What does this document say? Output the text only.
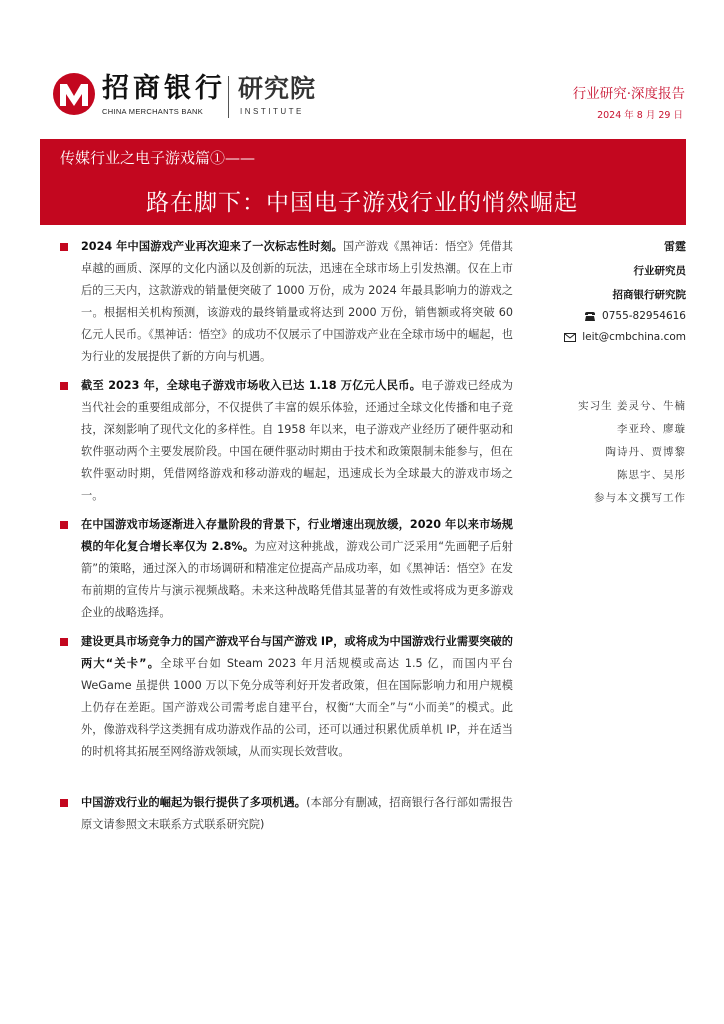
招商银行
CHINA MERCHANTS BANK
研究院
INSTITUTE
行业研究·深度报告
2024 年 8 月 29 日
传媒行业之电子游戏篇①——
路在脚下：中国电子游戏行业的悄然崛起
2024 年中国游戏产业再次迎来了一次标志性时刻。国产游戏《黑神话：悟空》凭借其卓越的画质、深厚的文化内涵以及创新的玩法，迅速在全球市场上引发热潮。仅在上市后的三天内，这款游戏的销量便突破了 1000 万份，成为 2024 年最具影响力的游戏之一。根据相关机构预测，该游戏的最终销量或将达到 2000 万份，销售额或将突破 60 亿元人民币。《黑神话：悟空》的成功不仅展示了中国游戏产业在全球市场中的崛起，也为行业的发展提供了新的方向与机遇。
截至 2023 年，全球电子游戏市场收入已达 1.18 万亿元人民币。电子游戏已经成为当代社会的重要组成部分，不仅提供了丰富的娱乐体验，还通过全球文化传播和电子竞技，深刻影响了现代文化的多样性。自 1958 年以来，电子游戏产业经历了硬件驱动和软件驱动两个主要发展阶段。中国在硬件驱动时期由于技术和政策限制未能参与，但在软件驱动时期，凭借网络游戏和移动游戏的崛起，迅速成长为全球最大的游戏市场之一。
在中国游戏市场逐渐进入存量阶段的背景下，行业增速出现放缓，2020 年以来市场规模的年化复合增长率仅为 2.8%。为应对这种挑战，游戏公司广泛采用“先画靶子后射箭”的策略，通过深入的市场调研和精准定位提高产品成功率，如《黑神话：悟空》在发布前期的宣传片与演示视频战略。未来这种战略凭借其显著的有效性或将成为更多游戏企业的战略选择。
建设更具市场竞争力的国产游戏平台与国产游戏 IP，或将成为中国游戏行业需要突破的两大“关卡”。全球平台如 Steam 2023 年月活规模或高达 1.5 亿，而国内平台 WeGame 虽提供 1000 万以下免分成等利好开发者政策，但在国际影响力和用户规模上仍存在差距。国产游戏公司需考虑自建平台，权衡“大而全”与“小而美”的模式。此外，像游戏科学这类拥有成功游戏作品的公司，还可以通过积累优质单机 IP，并在适当的时机将其拓展至网络游戏领域，从而实现长效营收。
中国游戏行业的崛起为银行提供了多项机遇。(本部分有删减，招商银行各行部如需报告原文请参照文末联系方式联系研究院)
雷霆
行业研究员
招商银行研究院
0755-82954616
leit@cmbchina.com
实习生 姜灵兮、牛楠
李亚玲、廖璇
陶诗丹、贾博黎
陈思宇、吴彤
参与本文撰写工作
